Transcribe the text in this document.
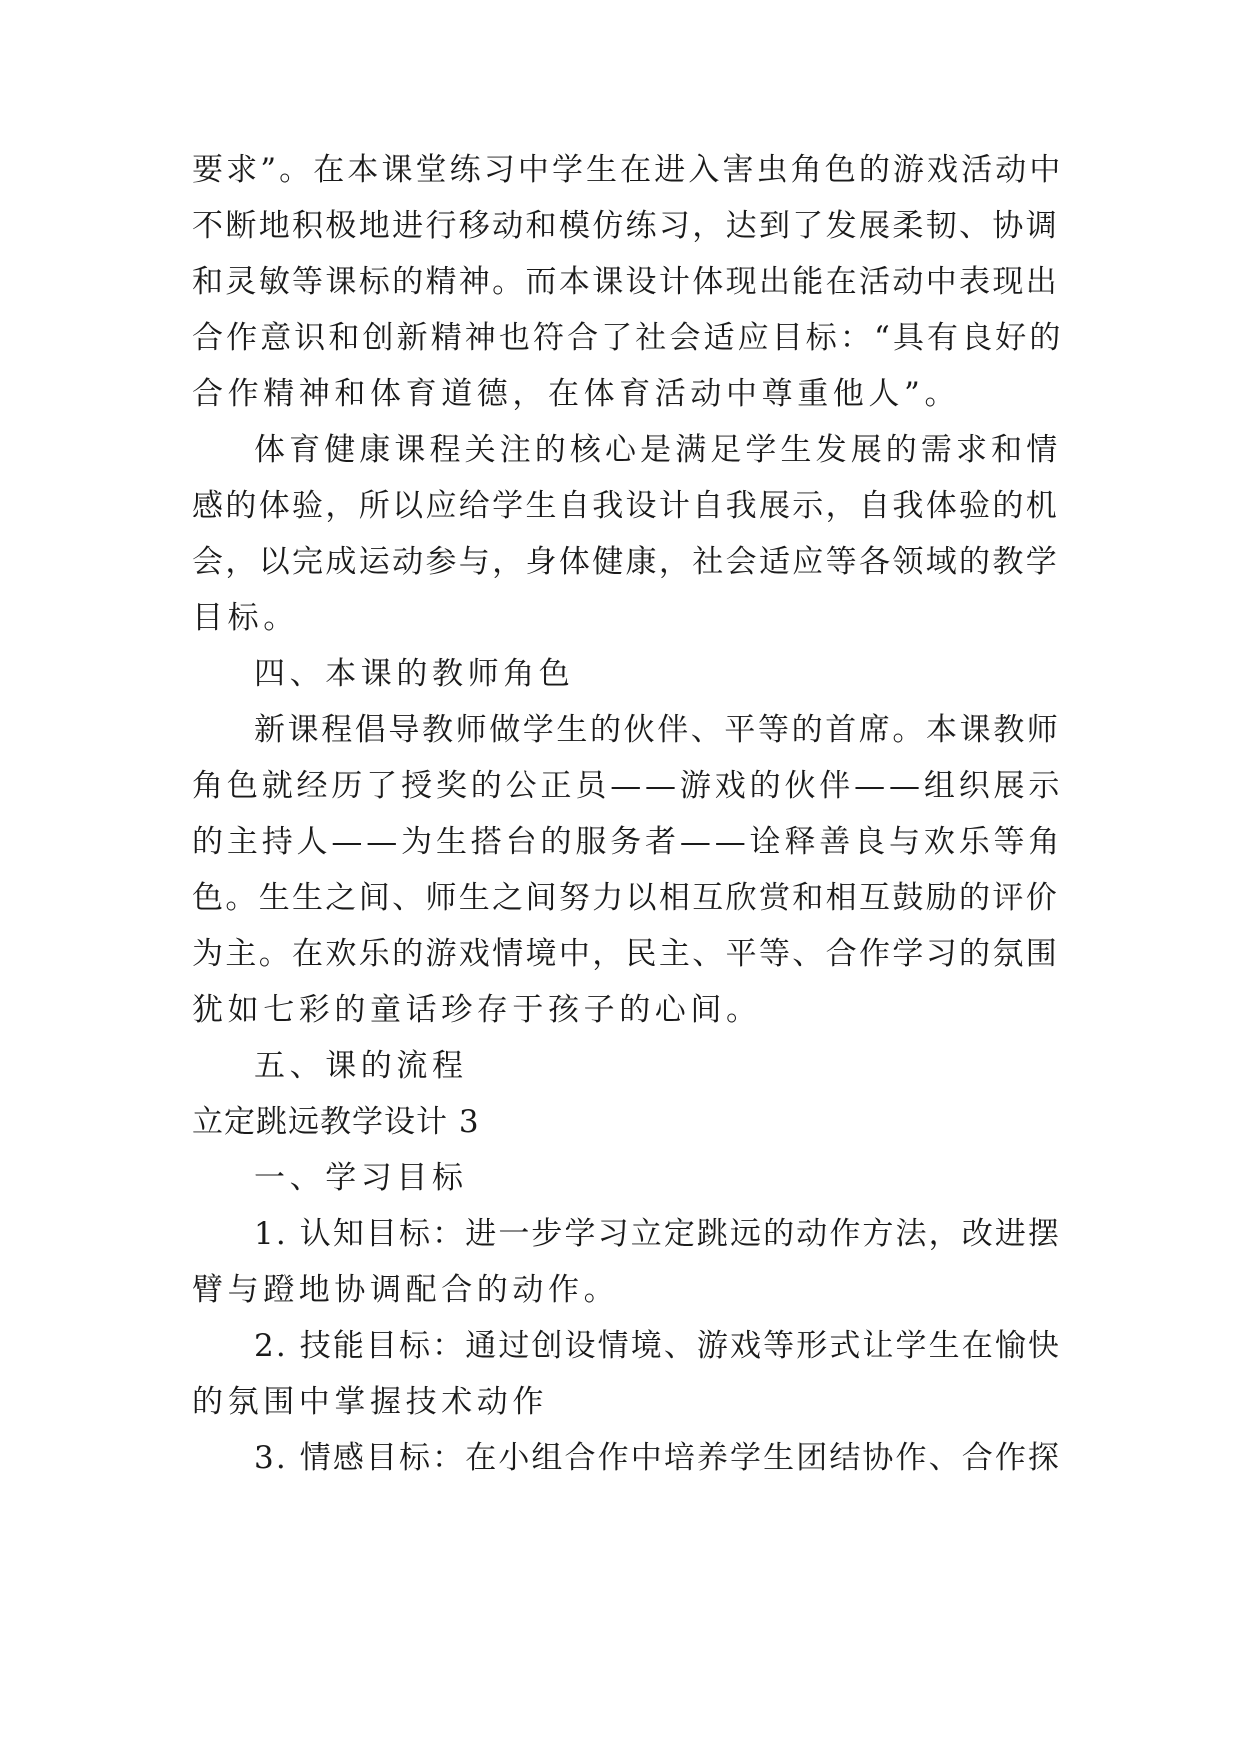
要求”。在本课堂练习中学生在进入害虫角色的游戏活动中

不断地积极地进行移动和模仿练习，达到了发展柔韧、协调

和灵敏等课标的精神。而本课设计体现出能在活动中表现出

合作意识和创新精神也符合了社会适应目标：“具有良好的

合作精神和体育道德，在体育活动中尊重他人”。

体育健康课程关注的核心是满足学生发展的需求和情

感的体验，所以应给学生自我设计自我展示，自我体验的机

会，以完成运动参与，身体健康，社会适应等各领域的教学

目标。

四、本课的教师角色

新课程倡导教师做学生的伙伴、平等的首席。本课教师

角色就经历了授奖的公正员——游戏的伙伴——组织展示

的主持人——为生搭台的服务者——诠释善良与欢乐等角

色。生生之间、师生之间努力以相互欣赏和相互鼓励的评价

为主。在欢乐的游戏情境中，民主、平等、合作学习的氛围

犹如七彩的童话珍存于孩子的心间。

五、课的流程

立定跳远教学设计 3

一、学习目标

1. 认知目标：进一步学习立定跳远的动作方法，改进摆

臂与蹬地协调配合的动作。

2. 技能目标：通过创设情境、游戏等形式让学生在愉快

的氛围中掌握技术动作

3. 情感目标：在小组合作中培养学生团结协作、合作探
